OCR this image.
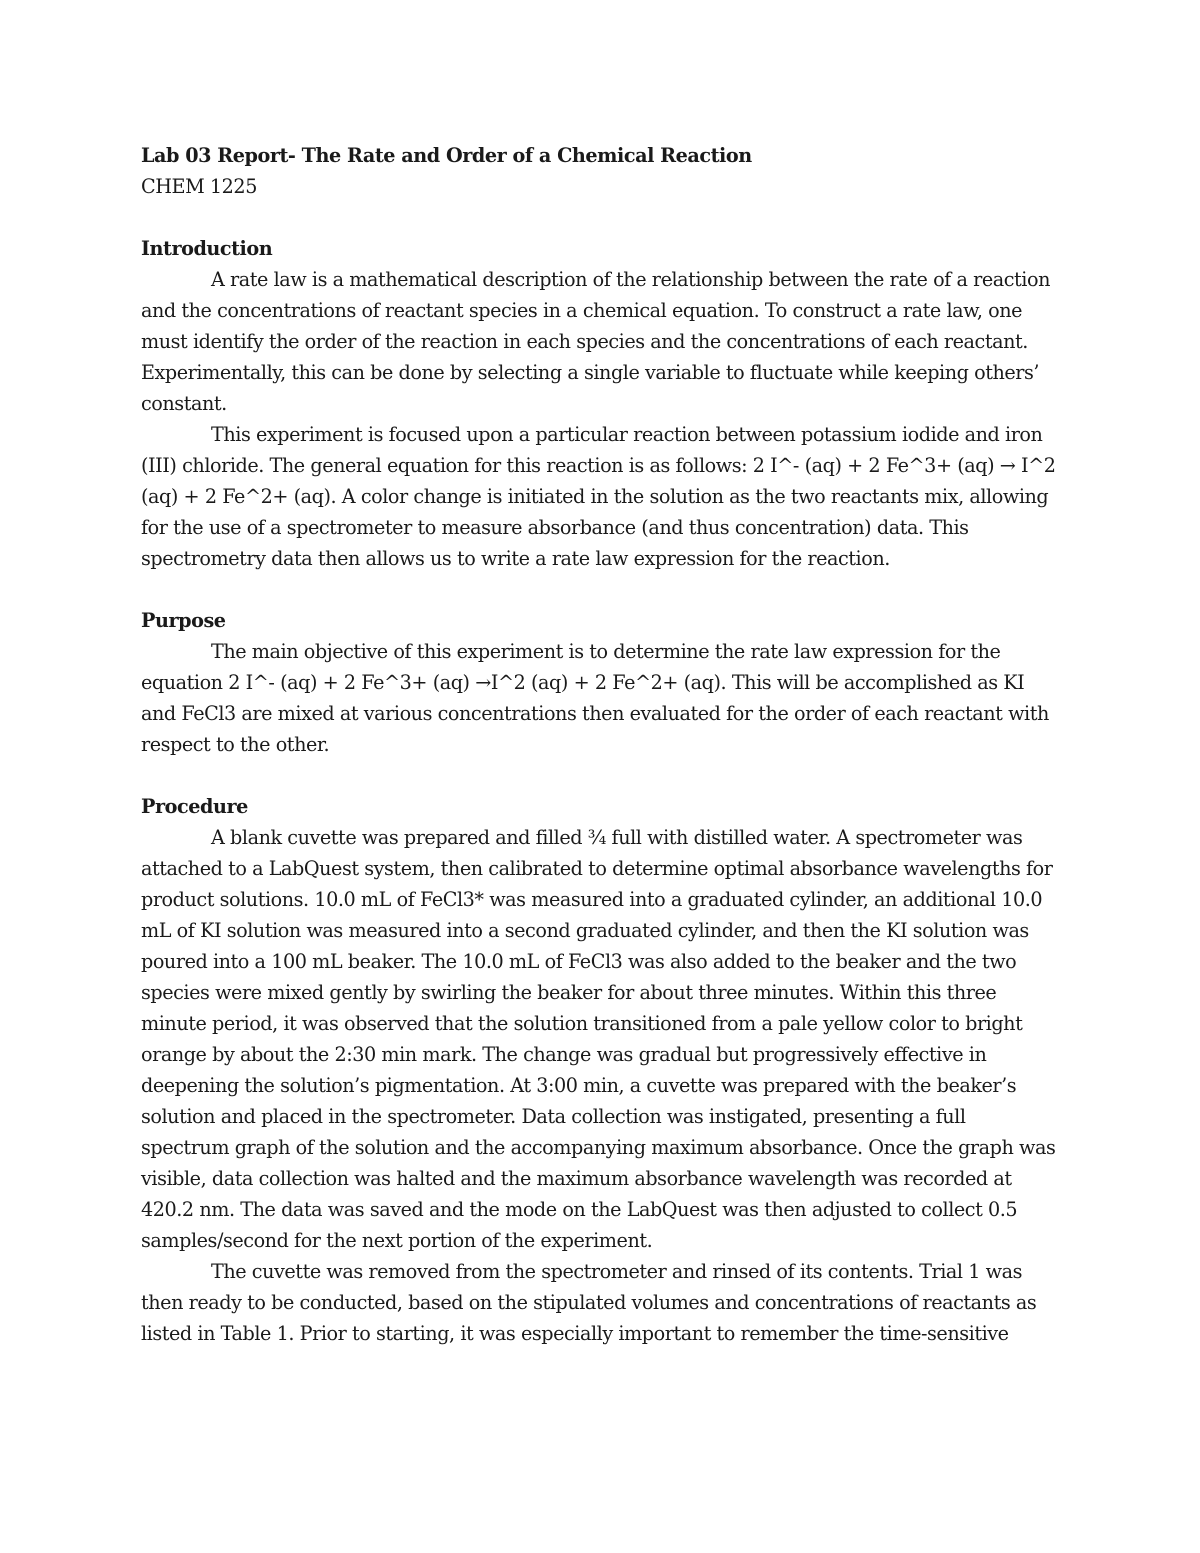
Lab 03 Report- The Rate and Order of a Chemical Reaction

CHEM 1225

Introduction

A rate law is a mathematical description of the relationship between the rate of a reaction and the concentrations of reactant species in a chemical equation. To construct a rate law, one must identify the order of the reaction in each species and the concentrations of each reactant. Experimentally, this can be done by selecting a single variable to fluctuate while keeping others’ constant.

This experiment is focused upon a particular reaction between potassium iodide and iron (III) chloride. The general equation for this reaction is as follows: 2 I^- (aq) + 2 Fe^3+ (aq) → I^2 (aq) + 2 Fe^2+ (aq). A color change is initiated in the solution as the two reactants mix, allowing for the use of a spectrometer to measure absorbance (and thus concentration) data. This spectrometry data then allows us to write a rate law expression for the reaction.

Purpose

The main objective of this experiment is to determine the rate law expression for the equation 2 I^- (aq) + 2 Fe^3+ (aq) →I^2 (aq) + 2 Fe^2+ (aq). This will be accomplished as KI and FeCl3 are mixed at various concentrations then evaluated for the order of each reactant with respect to the other.

Procedure

A blank cuvette was prepared and filled ¾ full with distilled water. A spectrometer was attached to a LabQuest system, then calibrated to determine optimal absorbance wavelengths for product solutions. 10.0 mL of FeCl3* was measured into a graduated cylinder, an additional 10.0 mL of KI solution was measured into a second graduated cylinder, and then the KI solution was poured into a 100 mL beaker. The 10.0 mL of FeCl3 was also added to the beaker and the two species were mixed gently by swirling the beaker for about three minutes. Within this three minute period, it was observed that the solution transitioned from a pale yellow color to bright orange by about the 2:30 min mark. The change was gradual but progressively effective in deepening the solution’s pigmentation. At 3:00 min, a cuvette was prepared with the beaker’s solution and placed in the spectrometer. Data collection was instigated, presenting a full spectrum graph of the solution and the accompanying maximum absorbance. Once the graph was visible, data collection was halted and the maximum absorbance wavelength was recorded at 420.2 nm. The data was saved and the mode on the LabQuest was then adjusted to collect 0.5 samples/second for the next portion of the experiment.

The cuvette was removed from the spectrometer and rinsed of its contents. Trial 1 was then ready to be conducted, based on the stipulated volumes and concentrations of reactants as listed in Table 1. Prior to starting, it was especially important to remember the time-sensitive
